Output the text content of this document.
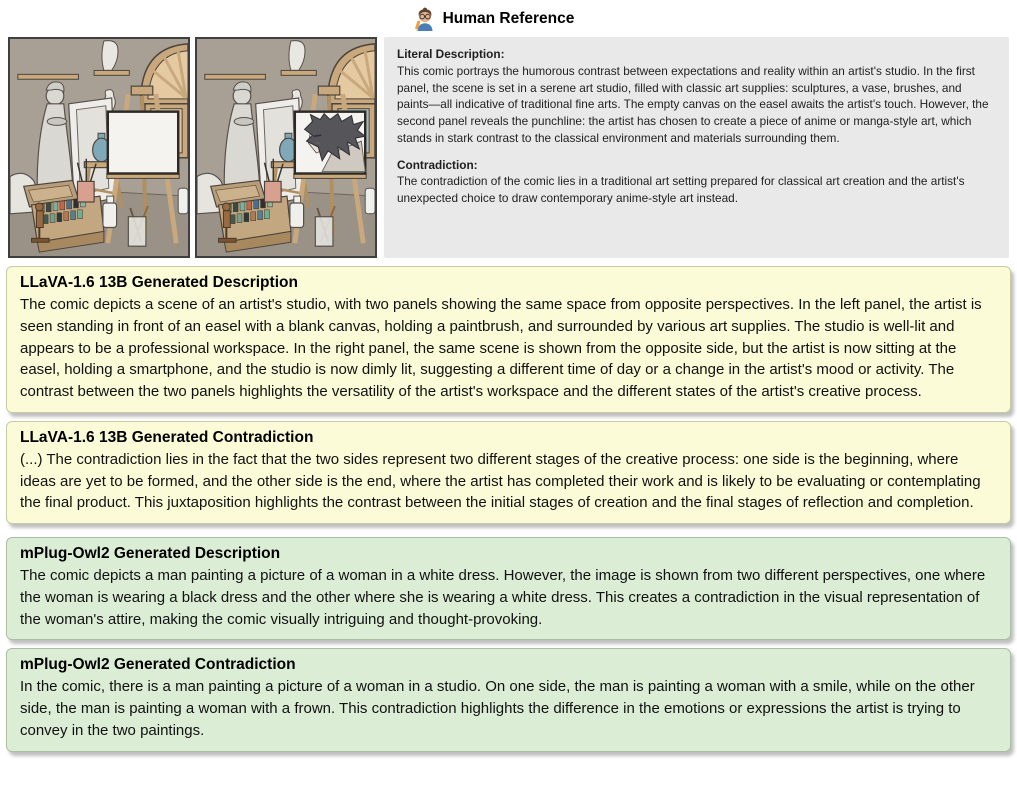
Human Reference
Literal Description:
This comic portrays the humorous contrast between expectations and reality within an artist's studio. In the first panel, the scene is set in a serene art studio, filled with classic art supplies: sculptures, a vase, brushes, and paints—all indicative of traditional fine arts. The empty canvas on the easel awaits the artist's touch. However, the second panel reveals the punchline: the artist has chosen to create a piece of anime or manga-style art, which stands in stark contrast to the classical environment and materials surrounding them.
Contradiction:
The contradiction of the comic lies in a traditional art setting prepared for classical art creation and the artist's unexpected choice to draw contemporary anime-style art instead.
LLaVA-1.6 13B Generated Description
The comic depicts a scene of an artist's studio, with two panels showing the same space from opposite perspectives. In the left panel, the artist is seen standing in front of an easel with a blank canvas, holding a paintbrush, and surrounded by various art supplies. The studio is well-lit and appears to be a professional workspace. In the right panel, the same scene is shown from the opposite side, but the artist is now sitting at the easel, holding a smartphone, and the studio is now dimly lit, suggesting a different time of day or a change in the artist's mood or activity. The contrast between the two panels highlights the versatility of the artist's workspace and the different states of the artist's creative process.
LLaVA-1.6 13B Generated Contradiction
(...) The contradiction lies in the fact that the two sides represent two different stages of the creative process: one side is the beginning, where ideas are yet to be formed, and the other side is the end, where the artist has completed their work and is likely to be evaluating or contemplating the final product. This juxtaposition highlights the contrast between the initial stages of creation and the final stages of reflection and completion.
mPlug-Owl2 Generated Description
The comic depicts a man painting a picture of a woman in a white dress. However, the image is shown from two different perspectives, one where the woman is wearing a black dress and the other where she is wearing a white dress. This creates a contradiction in the visual representation of the woman's attire, making the comic visually intriguing and thought-provoking.
mPlug-Owl2 Generated Contradiction
In the comic, there is a man painting a picture of a woman in a studio. On one side, the man is painting a woman with a smile, while on the other side, the man is painting a woman with a frown. This contradiction highlights the difference in the emotions or expressions the artist is trying to convey in the two paintings.
